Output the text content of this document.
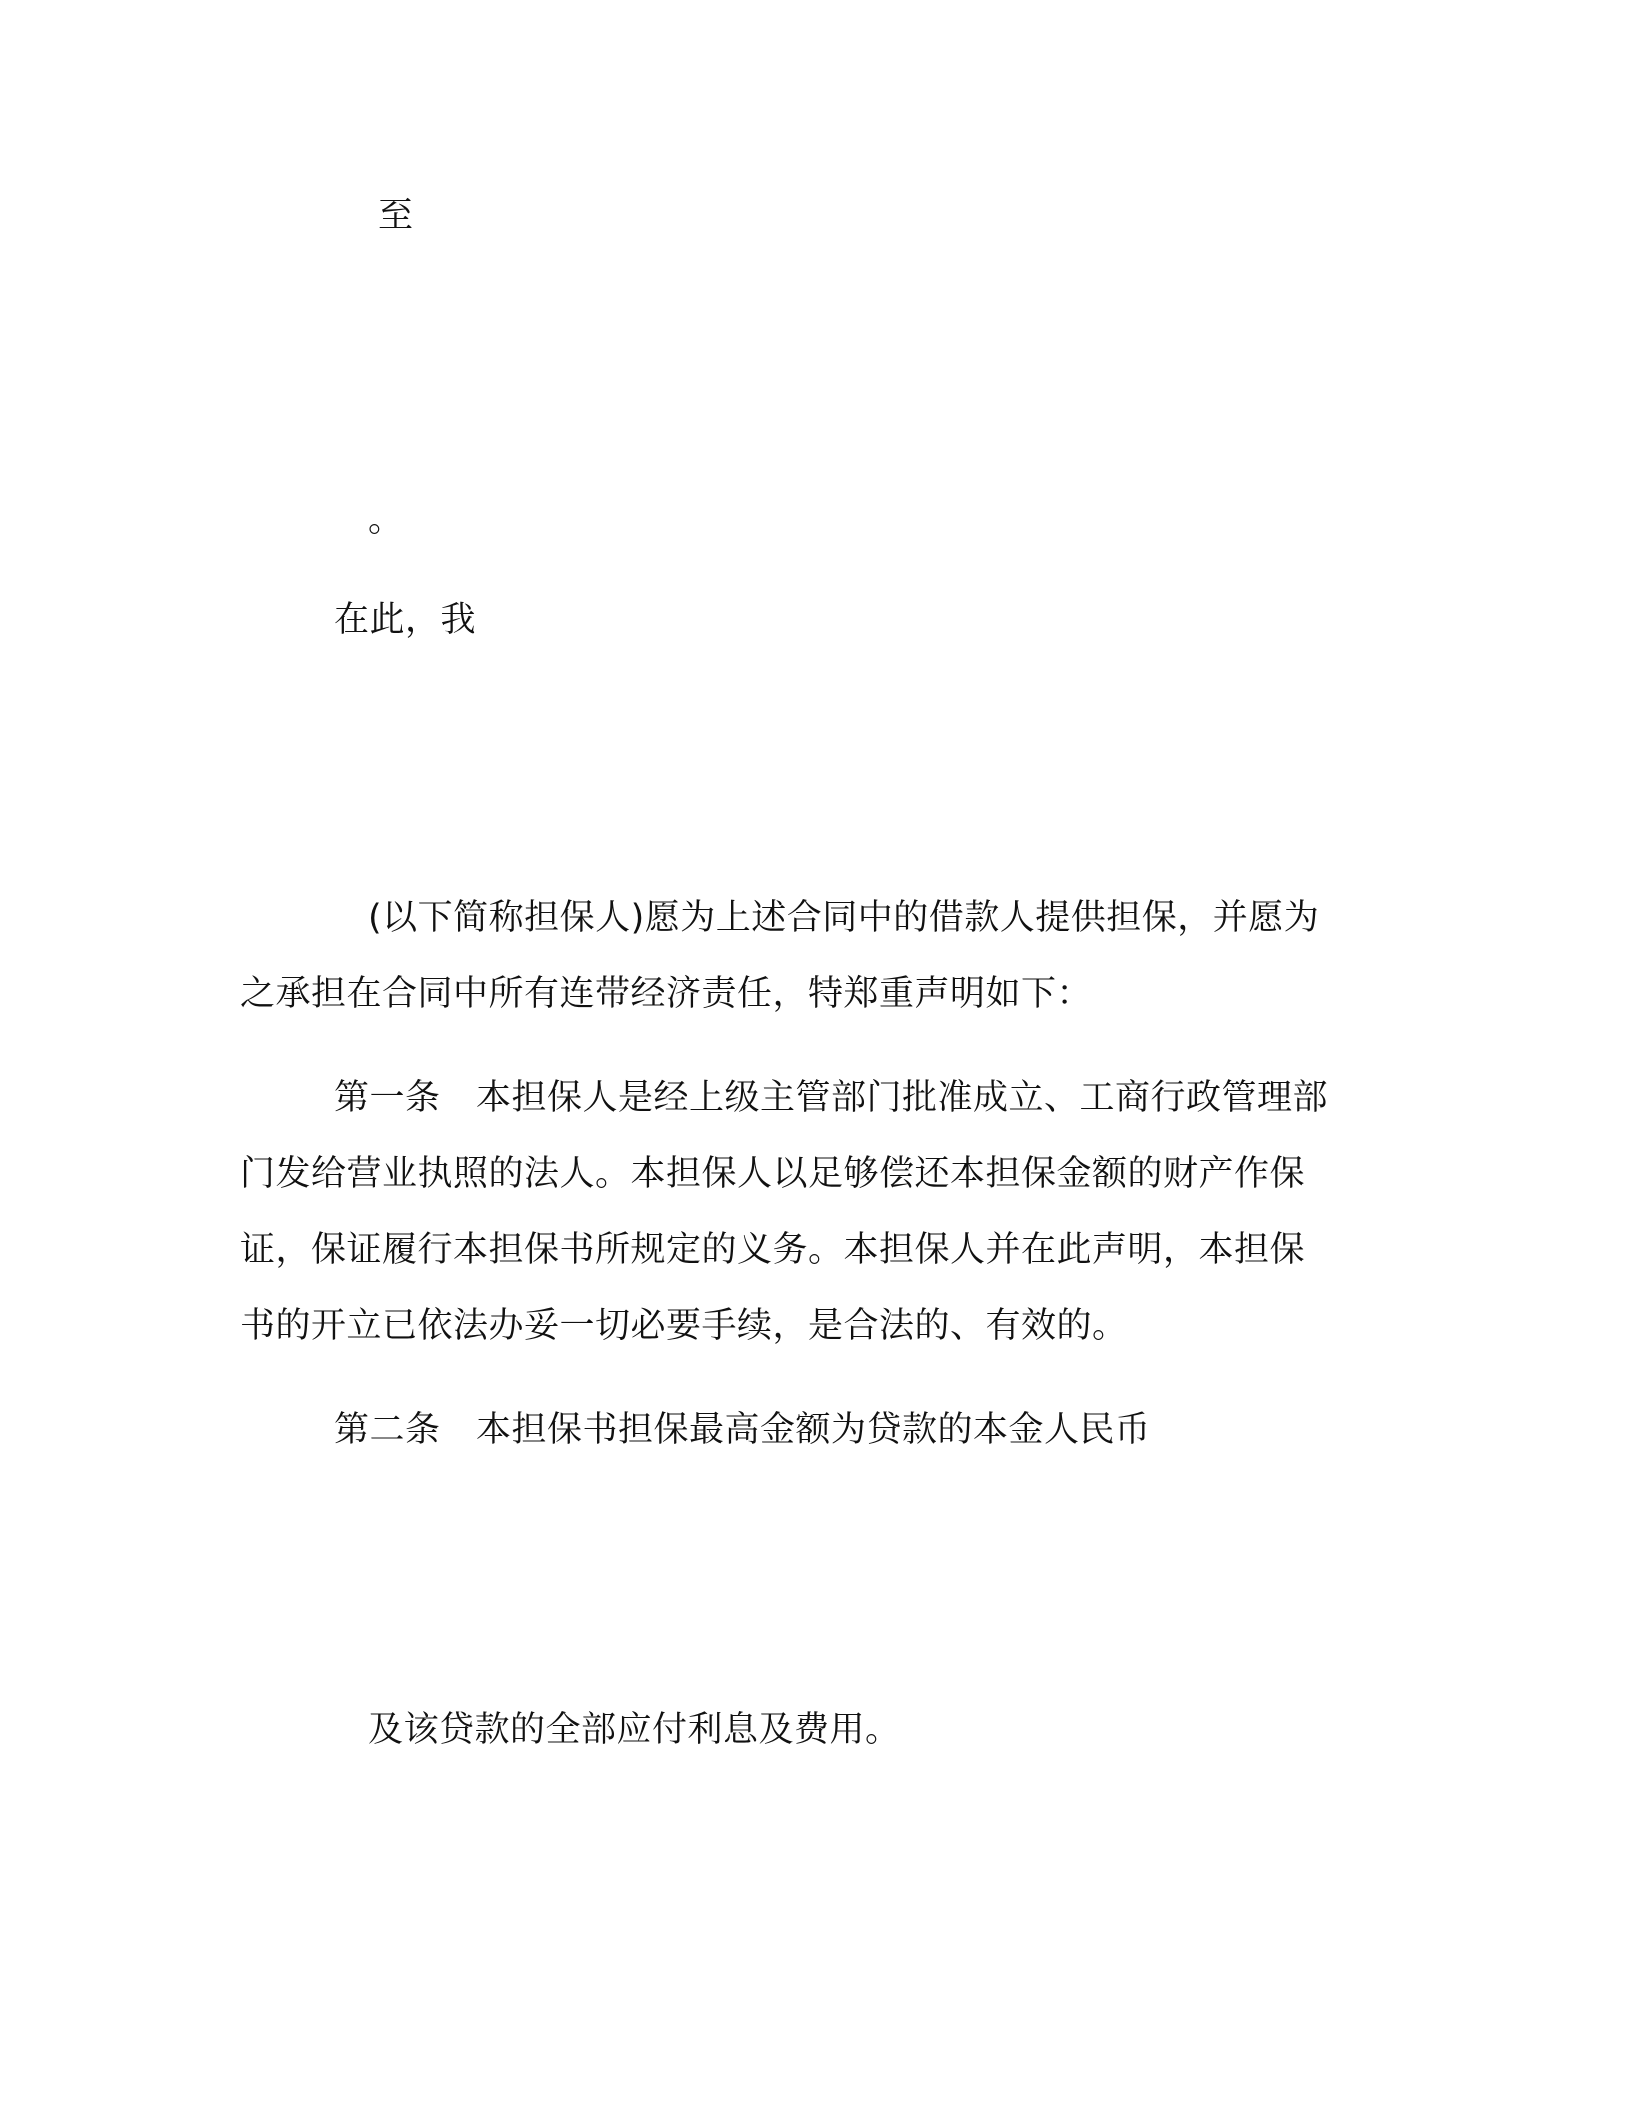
至
。
在此，我
(以下简称担保人)愿为上述合同中的借款人提供担保，并愿为
之承担在合同中所有连带经济责任，特郑重声明如下：
第一条　本担保人是经上级主管部门批准成立、工商行政管理部
门发给营业执照的法人。本担保人以足够偿还本担保金额的财产作保
证，保证履行本担保书所规定的义务。本担保人并在此声明，本担保
书的开立已依法办妥一切必要手续，是合法的、有效的。
第二条　本担保书担保最高金额为贷款的本金人民币
及该贷款的全部应付利息及费用。
